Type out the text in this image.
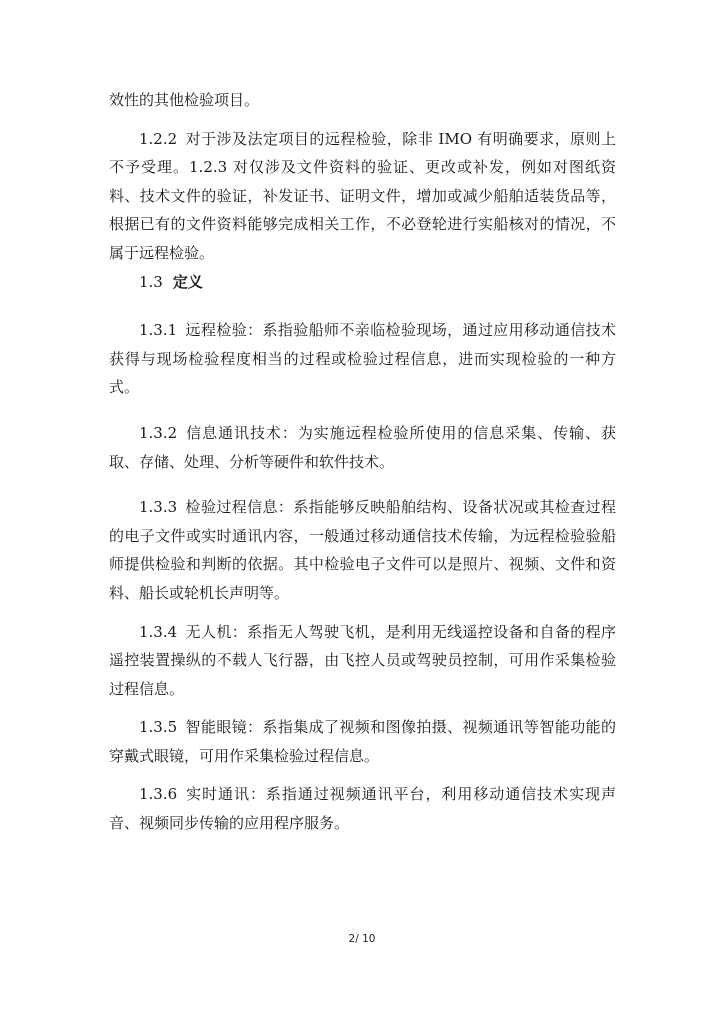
效性的其他检验项目。

1.2.2 对于涉及法定项目的远程检验，除非 IMO 有明确要求，原则上不予受理。1.2.3 对仅涉及文件资料的验证、更改或补发，例如对图纸资料、技术文件的验证，补发证书、证明文件，增加或减少船舶适装货品等，根据已有的文件资料能够完成相关工作，不必登轮进行实船核对的情况，不属于远程检验。

1.3 定义

1.3.1 远程检验：系指验船师不亲临检验现场，通过应用移动通信技术获得与现场检验程度相当的过程或检验过程信息，进而实现检验的一种方式。

1.3.2 信息通讯技术：为实施远程检验所使用的信息采集、传输、获取、存储、处理、分析等硬件和软件技术。

1.3.3 检验过程信息：系指能够反映船舶结构、设备状况或其检查过程的电子文件或实时通讯内容，一般通过移动通信技术传输，为远程检验验船师提供检验和判断的依据。其中检验电子文件可以是照片、视频、文件和资料、船长或轮机长声明等。

1.3.4 无人机：系指无人驾驶飞机，是利用无线遥控设备和自备的程序遥控装置操纵的不载人飞行器，由飞控人员或驾驶员控制，可用作采集检验过程信息。

1.3.5 智能眼镜：系指集成了视频和图像拍摄、视频通讯等智能功能的穿戴式眼镜，可用作采集检验过程信息。

1.3.6 实时通讯：系指通过视频通讯平台，利用移动通信技术实现声音、视频同步传输的应用程序服务。

2/ 10
